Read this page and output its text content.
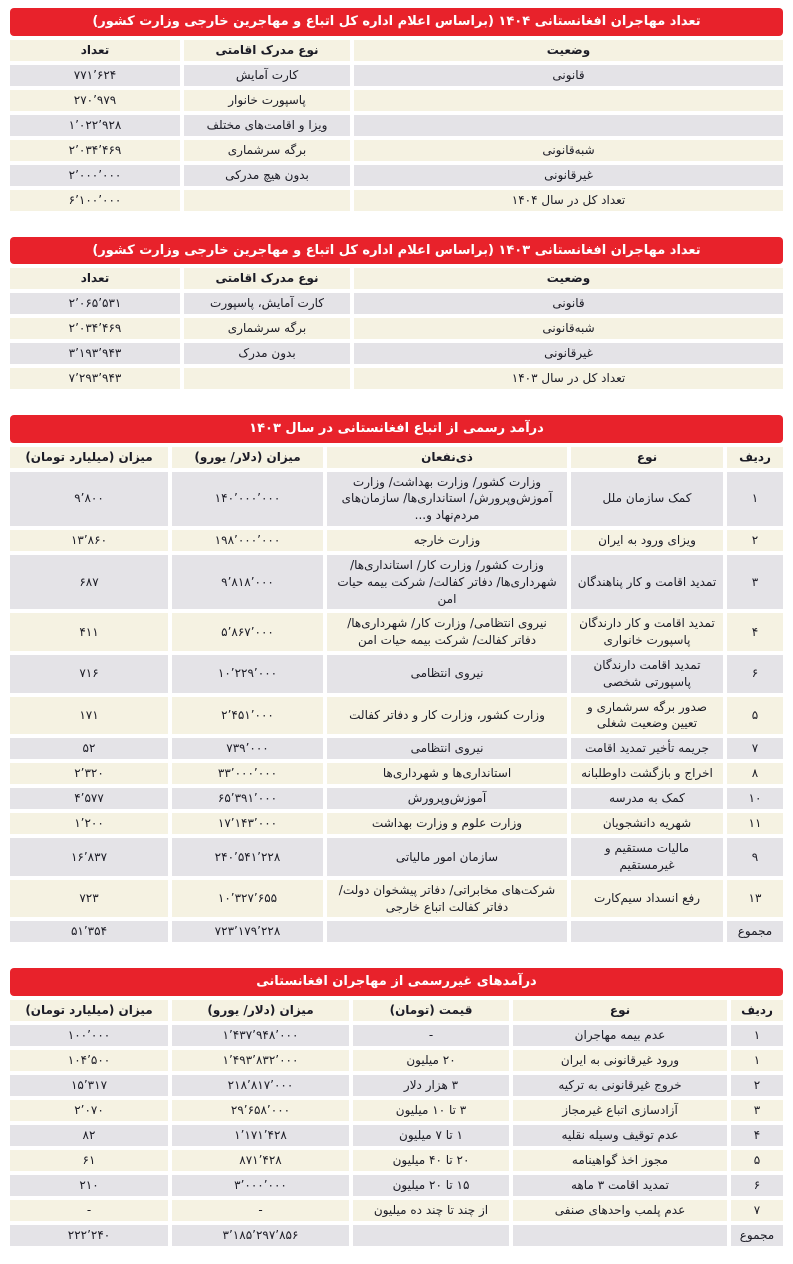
تعداد مهاجران افغانستانی ۱۴۰۴ (براساس اعلام اداره کل اتباع و مهاجرین خارجی وزارت کشور)
وضعیت
نوع مدرک اقامتی
تعداد
قانونی
کارت آمایش
۷۷۱’۶۲۴
پاسپورت خانوار
۲۷۰’۹۷۹
ویزا و اقامت‌های مختلف
۱’۰۲۲’۹۲۸
شبه‌قانونی
برگه سرشماری
۲’۰۳۴’۴۶۹
غیرقانونی
بدون هیچ مدرکی
۲’۰۰۰’۰۰۰
تعداد کل در سال ۱۴۰۴
۶’۱۰۰’۰۰۰
تعداد مهاجران افغانستانی ۱۴۰۳ (براساس اعلام اداره کل اتباع و مهاجرین خارجی وزارت کشور)
وضعیت
نوع مدرک اقامتی
تعداد
قانونی
کارت آمایش، پاسپورت
۲’۰۶۵’۵۳۱
شبه‌قانونی
برگه سرشماری
۲’۰۳۴’۴۶۹
غیرقانونی
بدون مدرک
۳’۱۹۳’۹۴۳
تعداد کل در سال ۱۴۰۳
۷’۲۹۳’۹۴۳
درآمد رسمی از اتباع افغانستانی در سال ۱۴۰۳
ردیف
نوع
ذی‌نفعان
میزان (دلار/ یورو)
میزان (میلیارد تومان)
۱
کمک سازمان ملل
وزارت کشور/ وزارت بهداشت/ وزارت آموزش‌وپرورش/ استانداری‌ها/ سازمان‌های مردم‌نهاد و...
۱۴۰’۰۰۰’۰۰۰
۹’۸۰۰
۲
ویزای ورود به ایران
وزارت خارجه
۱۹۸’۰۰۰’۰۰۰
۱۳’۸۶۰
۳
تمدید اقامت و کار پناهندگان
وزارت کشور/ وزارت کار/ استانداری‌ها/ شهرداری‌ها/ دفاتر کفالت/ شرکت بیمه حیات امن
۹’۸۱۸’۰۰۰
۶۸۷
۴
تمدید اقامت و کار دارندگان پاسپورت خانواری
نیروی انتظامی/ وزارت کار/ شهرداری‌ها/ دفاتر کفالت/ شرکت بیمه حیات امن
۵’۸۶۷’۰۰۰
۴۱۱
۶
تمدید اقامت دارندگان پاسپورتی شخصی
نیروی انتظامی
۱۰’۲۲۹’۰۰۰
۷۱۶
۵
صدور برگه سرشماری و تعیین وضعیت شغلی
وزارت کشور، وزارت کار و دفاتر کفالت
۲’۴۵۱’۰۰۰
۱۷۱
۷
جریمه تأخیر تمدید اقامت
نیروی انتظامی
۷۳۹’۰۰۰
۵۲
۸
اخراج و بازگشت داوطلبانه
استانداری‌ها و شهرداری‌ها
۳۳’۰۰۰’۰۰۰
۲’۳۲۰
۱۰
کمک به مدرسه
آموزش‌وپرورش
۶۵’۳۹۱’۰۰۰
۴’۵۷۷
۱۱
شهریه دانشجویان
وزارت علوم و وزارت بهداشت
۱۷’۱۴۳’۰۰۰
۱’۲۰۰
۹
مالیات مستقیم و غیرمستقیم
سازمان امور مالیاتی
۲۴۰’۵۴۱’۲۲۸
۱۶’۸۳۷
۱۳
رفع انسداد سیم‌کارت
شرکت‌های مخابراتی/ دفاتر پیشخوان دولت/ دفاتر کفالت اتباع خارجی
۱۰’۳۲۷’۶۵۵
۷۲۳
مجموع
۷۲۳’۱۷۹’۲۲۸
۵۱’۳۵۴
درآمدهای غیررسمی از مهاجران افغانستانی
ردیف
نوع
قیمت (تومان)
میزان (دلار/ یورو)
میزان (میلیارد تومان)
۱
عدم بیمه مهاجران
-
۱’۴۳۷’۹۴۸’۰۰۰
۱۰۰’۰۰۰
۱
ورود غیرقانونی به ایران
۲۰ میلیون
۱’۴۹۳’۸۳۲’۰۰۰
۱۰۴’۵۰۰
۲
خروج غیرقانونی به ترکیه
۳ هزار دلار
۲۱۸’۸۱۷’۰۰۰
۱۵’۳۱۷
۳
آزادسازی اتباع غیرمجاز
۳ تا ۱۰ میلیون
۲۹’۶۵۸’۰۰۰
۲’۰۷۰
۴
عدم توقیف وسیله نقلیه
۱ تا ۷ میلیون
۱’۱۷۱’۴۲۸
۸۲
۵
مجوز اخذ گواهینامه
۲۰ تا ۴۰ میلیون
۸۷۱’۴۲۸
۶۱
۶
تمدید اقامت ۳ ماهه
۱۵ تا ۲۰ میلیون
۳’۰۰۰’۰۰۰
۲۱۰
۷
عدم پلمب واحدهای صنفی
از چند تا چند ده میلیون
-
-
مجموع
۳’۱۸۵’۲۹۷’۸۵۶
۲۲۲’۲۴۰
